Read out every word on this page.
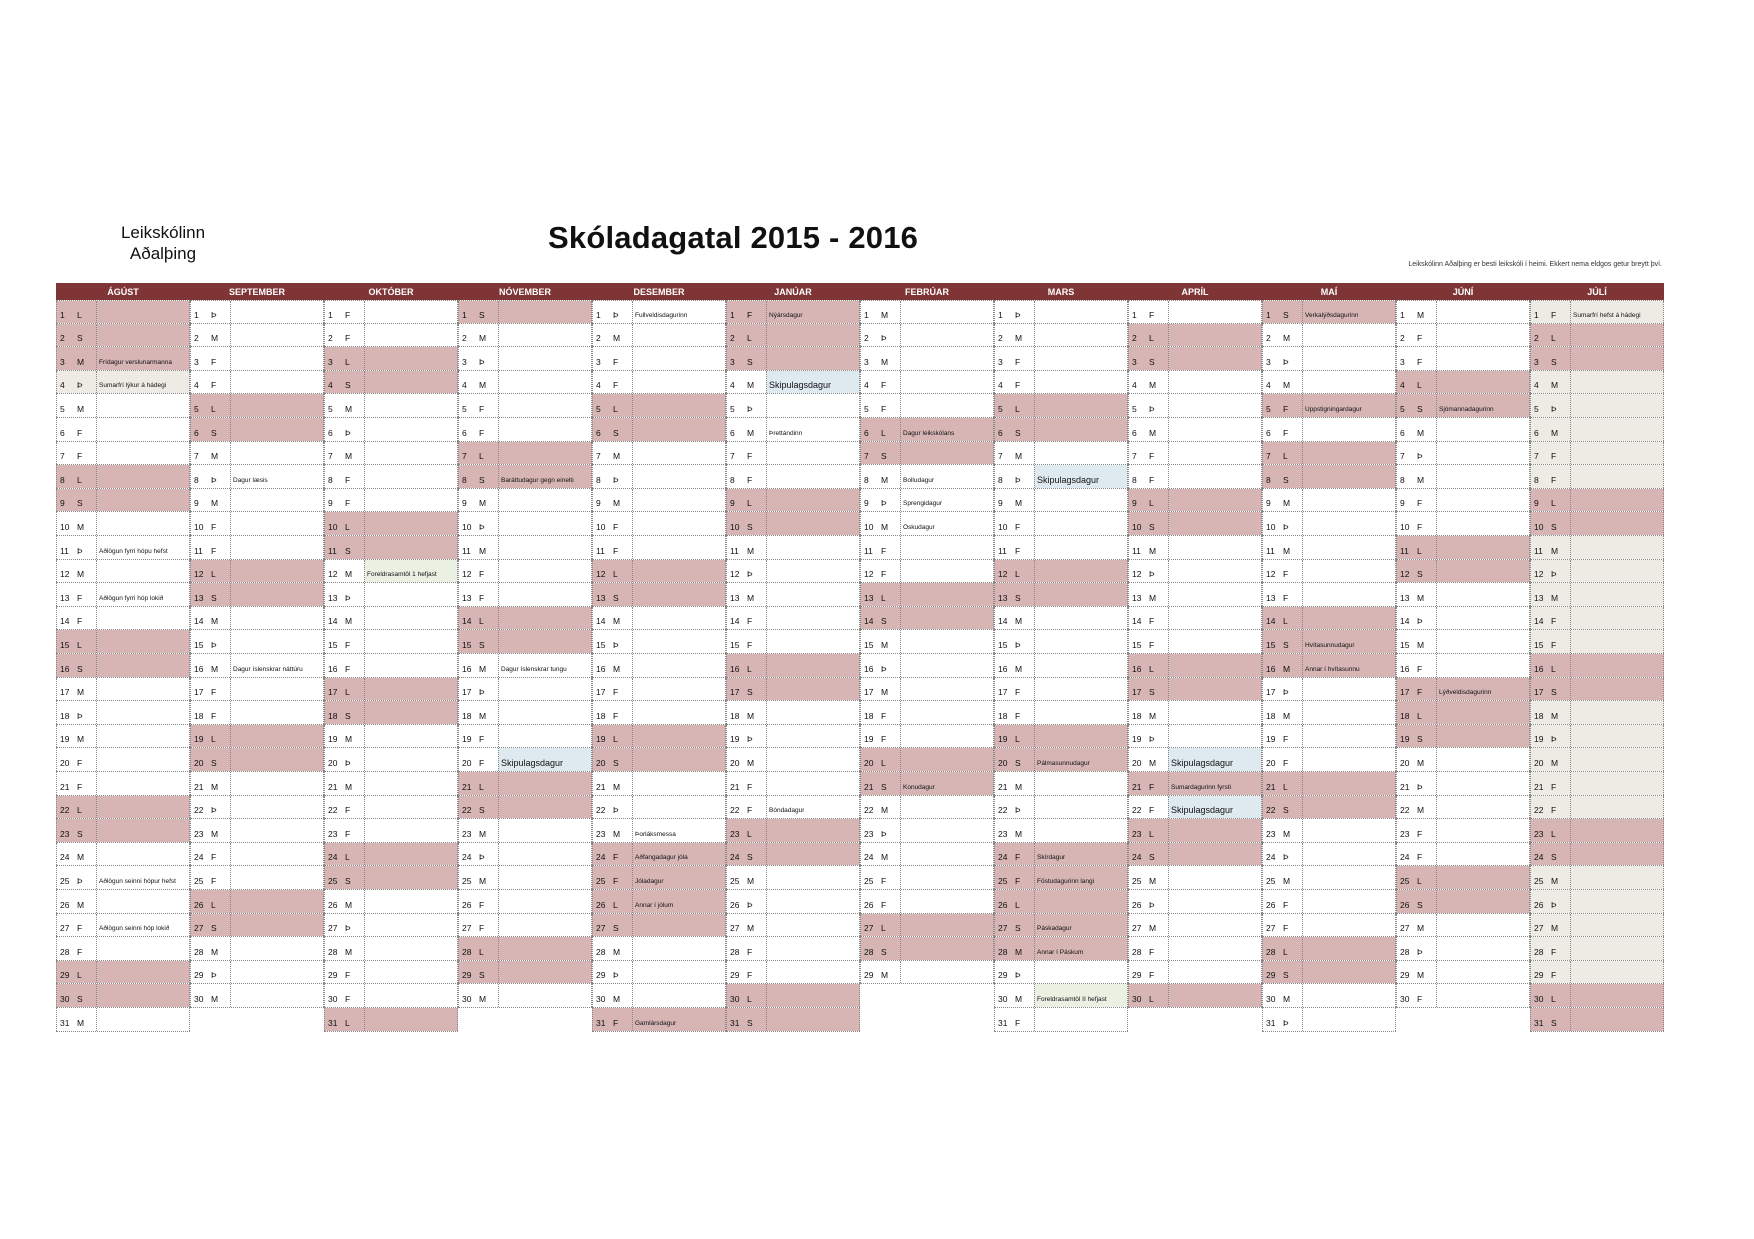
Leikskólinn
Aðalþing	Skóladagatal 2015 - 2016
Leikskólinn Aðalþing er besti leikskóli í heimi. Ekkert nema eldgos getur breytt því.
ÁGÚST
1 L
2 S
3 M Frídagur verslunarmanna
4 Þ	Sumarfrí lýkur á hádegi
5 M
6 F
7 F
8 L
9 S
10 M
11 Þ	Aðlögun fyrri hópu hefst
12 M
13 F	Aðlögun fyrri hóp lokið
14 F
15 L
16 S
17 M
18 Þ
19 M
20 F
21 F
22 L
23 S
24 M
25 Þ	Aðlögun seinni hópur hefst
26 M
27 F	Aðlögun seinni hóp lokið
28 F
29 L
30 S
31 M
SEPTEMBER
1 Þ
2 M
3 F
4 F
5 L
6 S
7 M
8 Þ	Dagur læsis
9 M
10 F
11 F
12 L
13 S
14 M
15 Þ
16 M Dagur íslenskrar náttúru
17 F
18 F
19 L
20 S
21 M
22 Þ
23 M
24 F
25 F
26 L
27 S
28 M
29 Þ
30 M
OKTÓBER
1 F
2 F
3 L
4 S
5 M
6 Þ
7 M
8 F
9 F
10 L
11 S
12 M Foreldrasamtöl 1 hefjast
13 Þ
14 M
15 F
16 F
17 L
18 S
19 M
20 Þ
21 M
22 F
23 F
24 L
25 S
26 M
27 Þ
28 M
29 F
30 F
31 L
NÓVEMBER
1 S
2 M
3 Þ
4 M
5 F
6 F
7 L
8 S	Baráttudagur gegn einelti
9 M
10 Þ
11 M
12 F
13 F
14 L
15 S
16 M Dagur íslenskrar tungu
17 Þ
18 M
19 F
20 F Skipulagsdagur
21 L
22 S
23 M
24 Þ
25 M
26 F
27 F
28 L
29 S
30 M
DESEMBER
1 Þ	Fullveldisdagurinn
2 M
3 F
4 F
5 L
6 S
7 M
8 Þ
9 M
10 F
11 F
12 L
13 S
14 M
15 Þ
16 M
17 F
18 F
19 L
20 S
21 M
22 Þ
23 M Þorláksmessa
24 F	Aðfangadagur jóla
25 F	Jóladagur
26 L	Annar í jólum
27 S
28 M
29 Þ
30 M
31 F	Gamlársdagur
JANÚAR
1 F	Nýársdagur
2 L
3 S
4 M Skipulagsdagur
5 Þ
6 M Þrettándinn
7 F
8 F
9 L
10 S
11 M
12 Þ
13 M
14 F
15 F
16 L
17 S
18 M
19 Þ
20 M
21 F
22 F	Bóndadagur
23 L
24 S
25 M
26 Þ
27 M
28 F
29 F
30 L
31 S
FEBRÚAR
1 M
2 Þ
3 M
4 F
5 F
6 L	Dagur leikskólans
7 S
8 M Bolludagur
9 Þ	Sprengidagur
10 M Öskudagur
11 F
12 F
13 L
14 S
15 M
16 Þ
17 M
18 F
19 F
20 L
21 S	Konudagur
22 M
23 Þ
24 M
25 F
26 F
27 L
28 S
29 M
MARS
1 Þ
2 M
3 F
4 F
5 L
6 S
7 M
8 Þ Skipulagsdagur
9 M
10 F
11 F
12 L
13 S
14 M
15 Þ
16 M
17 F
18 F
19 L
20 S	Pálmasunnudagur
21 M
22 Þ
23 M
24 F	Skírdagur
25 F	Föstudagurinn langi
26 L
27 S	Páskadagur
28 M Annar í Páskum
29 Þ
30 M Foreldrasamtöl II hefjast
31 F
APRÍL
1 F
2 L
3 S
4 M
5 Þ
6 M
7 F
8 F
9 L
10 S
11 M
12 Þ
13 M
14 F
15 F
16 L
17 S
18 M
19 Þ
20 M Skipulagsdagur
21 F	Sumardagurinn fyrsti
22 F Skipulagsdagur
23 L
24 S
25 M
26 Þ
27 M
28 F
29 F
30 L
MAÍ
1 S	Verkalýðsdagurinn
2 M
3 Þ
4 M
5 F	Uppstigningardagur
6 F
7 L
8 S
9 M
10 Þ
11 M
12 F
13 F
14 L
15 S	Hvítasunnudagur
16 M Annar í hvítasunnu
17 Þ
18 M
19 F
20 F
21 L
22 S
23 M
24 Þ
25 M
26 F
27 F
28 L
29 S
30 M
31 Þ
JÚNÍ
1 M
2 F
3 F
4 L
5 S	Sjómannadagurinn
6 M
7 Þ
8 M
9 F
10 F
11 L
12 S
13 M
14 Þ
15 M
16 F
17 F	Lýðveldisdagurinn
18 L
19 S
20 M
21 Þ
22 M
23 F
24 F
25 L
26 S
27 M
28 Þ
29 M
30 F
JÚLÍ
1 F	Sumarfrí hefst á hádegi
2 L
3 S
4 M
5 Þ
6 M
7 F
8 F
9 L
10 S
11 M
12 Þ
13 M
14 F
15 F
16 L
17 S
18 M
19 Þ
20 M
21 F
22 F
23 L
24 S
25 M
26 Þ
27 M
28 F
29 F
30 L
31 S
